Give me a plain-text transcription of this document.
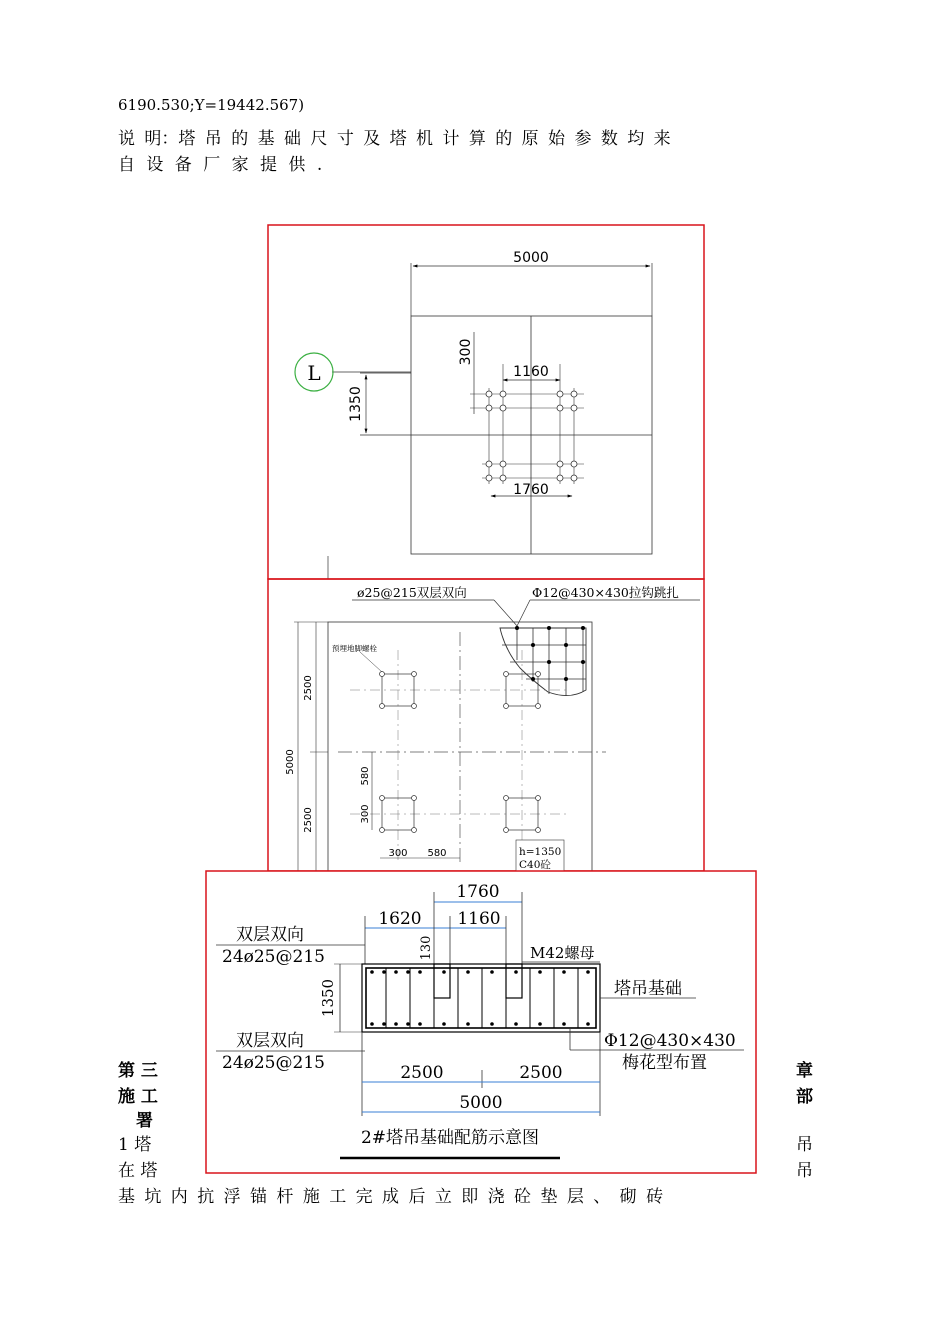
6190.530;Y=19442.567)
说 明：塔 吊 的 基 础 尺 寸 及 塔 机 计 算 的 原 始 参 数 均 来
自 设 备 厂 家 提 供 .
第 三	章
施 工	部
署
1 塔	吊
在 塔	吊
基 坑 内 抗 浮 锚 杆 施 工 完 成 后 立 即 浇 砼 垫 层 、 砌 砖
5000
1350
L
300
1160
1760
ø25@215双层双向	Φ12@430×430拉钩跳扎
预埋地脚螺栓
2500
5000
2500
580
300
300 580	h=1350
C40砼
1760
1620 1160
130
双层双向
24ø25@215
双层双向
24ø25@215
1350
M42螺母
塔吊基础
Φ12@430×430
梅花型布置
2500	2500
5000
2#塔吊基础配筋示意图
